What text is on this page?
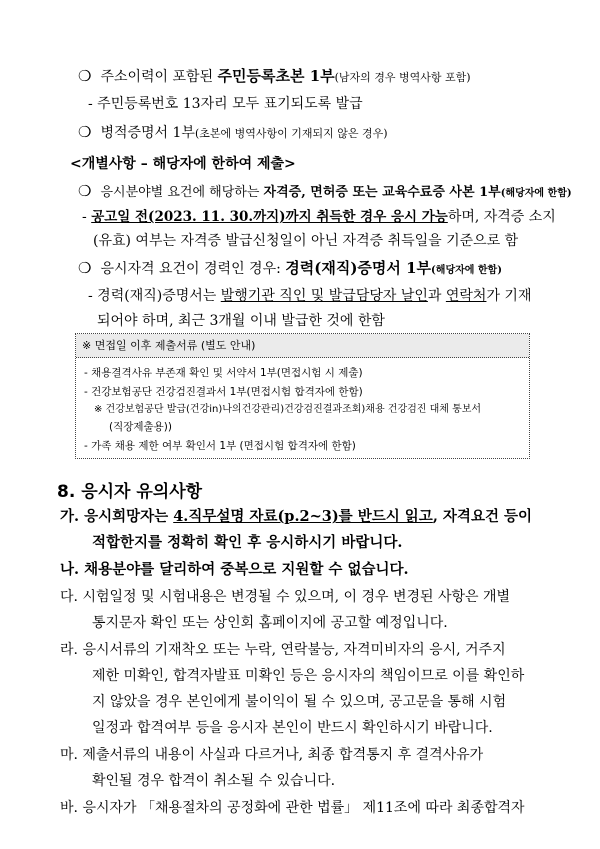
❍ 주소이력이 포함된 주민등록초본 1부(남자의 경우 병역사항 포함)
- 주민등록번호 13자리 모두 표기되도록 발급
❍ 병적증명서 1부(초본에 병역사항이 기재되지 않은 경우)
<개별사항 – 해당자에 한하여 제출>
❍ 응시분야별 요건에 해당하는 자격증, 면허증 또는 교육수료증 사본 1부(해당자에 한함)
- 공고일 전(2023. 11. 30.까지)까지 취득한 경우 응시 가능하며, 자격증 소지
(유효) 여부는 자격증 발급신청일이 아닌 자격증 취득일을 기준으로 함
❍ 응시자격 요건이 경력인 경우: 경력(재직)증명서 1부(해당자에 한함)
- 경력(재직)증명서는 발행기관 직인 및 발급담당자 날인과 연락처가 기재
되어야 하며, 최근 3개월 이내 발급한 것에 한함
※ 면접일 이후 제출서류 (별도 안내)
- 채용결격사유 부존재 확인 및 서약서 1부(면접시험 시 제출)
- 건강보험공단 건강검진결과서 1부(면접시험 합격자에 한함)
※ 건강보험공단 발급(건강in)나의건강관리)건강검진결과조회)채용 건강검진 대체 통보서
(직장제출용))
- 가족 채용 제한 여부 확인서 1부 (면접시험 합격자에 한함)
8. 응시자 유의사항
가. 응시희망자는 4.직무설명 자료(p.2~3)를 반드시 읽고, 자격요건 등이
적합한지를 정확히 확인 후 응시하시기 바랍니다.
나. 채용분야를 달리하여 중복으로 지원할 수 없습니다.
다. 시험일정 및 시험내용은 변경될 수 있으며, 이 경우 변경된 사항은 개별
통지문자 확인 또는 상인회 홈페이지에 공고할 예정입니다.
라. 응시서류의 기재착오 또는 누락, 연락불능, 자격미비자의 응시, 거주지
제한 미확인, 합격자발표 미확인 등은 응시자의 책임이므로 이를 확인하
지 않았을 경우 본인에게 불이익이 될 수 있으며, 공고문을 통해 시험
일정과 합격여부 등을 응시자 본인이 반드시 확인하시기 바랍니다.
마. 제출서류의 내용이 사실과 다르거나, 최종 합격통지 후 결격사유가
확인될 경우 합격이 취소될 수 있습니다.
바. 응시자가 「채용절차의 공정화에 관한 법률」 제11조에 따라 최종합격자
